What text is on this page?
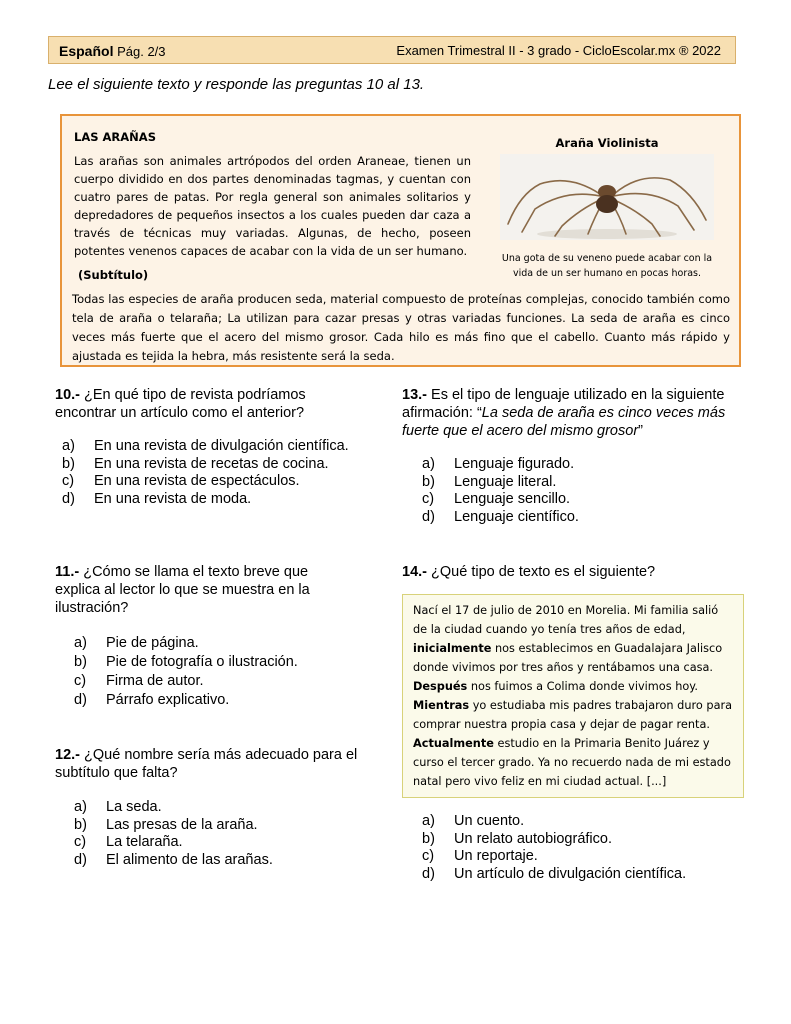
Español Pág. 2/3	Examen Trimestral II - 3 grado - CicloEscolar.mx ® 2022
Lee el siguiente texto y responde las preguntas 10 al 13.
LAS ARAÑAS
Las arañas son animales artrópodos del orden Araneae, tienen un cuerpo dividido en dos partes denominadas tagmas, y cuentan con cuatro pares de patas. Por regla general son animales solitarios y depredadores de pequeños insectos a los cuales pueden dar caza a través de técnicas muy variadas. Algunas, de hecho, poseen potentes venenos capaces de acabar con la vida de un ser humano.
(Subtítulo)
Todas las especies de araña producen seda, material compuesto de proteínas complejas, conocido también como tela de araña o telaraña; La utilizan para cazar presas y otras variadas funciones. La seda de araña es cinco veces más fuerte que el acero del mismo grosor. Cada hilo es más fino que el cabello. Cuanto más rápido y ajustada es tejida la hebra, más resistente será la seda.
Araña Violinista
Una gota de su veneno puede acabar con la vida de un ser humano en pocas horas.
10.- ¿En qué tipo de revista podríamos encontrar un artículo como el anterior?
a) En una revista de divulgación científica.
b) En una revista de recetas de cocina.
c) En una revista de espectáculos.
d) En una revista de moda.
11.- ¿Cómo se llama el texto breve que explica al lector lo que se muestra en la ilustración?
a) Pie de página.
b) Pie de fotografía o ilustración.
c) Firma de autor.
d) Párrafo explicativo.
12.- ¿Qué nombre sería más adecuado para el subtítulo que falta?
a) La seda.
b) Las presas de la araña.
c) La telaraña.
d) El alimento de las arañas.
13.- Es el tipo de lenguaje utilizado en la siguiente afirmación: “La seda de araña es cinco veces más fuerte que el acero del mismo grosor”
a) Lenguaje figurado.
b) Lenguaje literal.
c) Lenguaje sencillo.
d) Lenguaje científico.
14.- ¿Qué tipo de texto es el siguiente?

Nací el 17 de julio de 2010 en Morelia. Mi familia salió de la ciudad cuando yo tenía tres años de edad, inicialmente nos establecimos en Guadalajara Jalisco donde vivimos por tres años y rentábamos una casa. Después nos fuimos a Colima donde vivimos hoy. Mientras yo estudiaba mis padres trabajaron duro para comprar nuestra propia casa y dejar de pagar renta. Actualmente estudio en la Primaria Benito Juárez y curso el tercer grado. Ya no recuerdo nada de mi estado natal pero vivo feliz en mi ciudad actual. [...]

a) Un cuento.
b) Un relato autobiográfico.
c) Un reportaje.
d) Un artículo de divulgación científica.
